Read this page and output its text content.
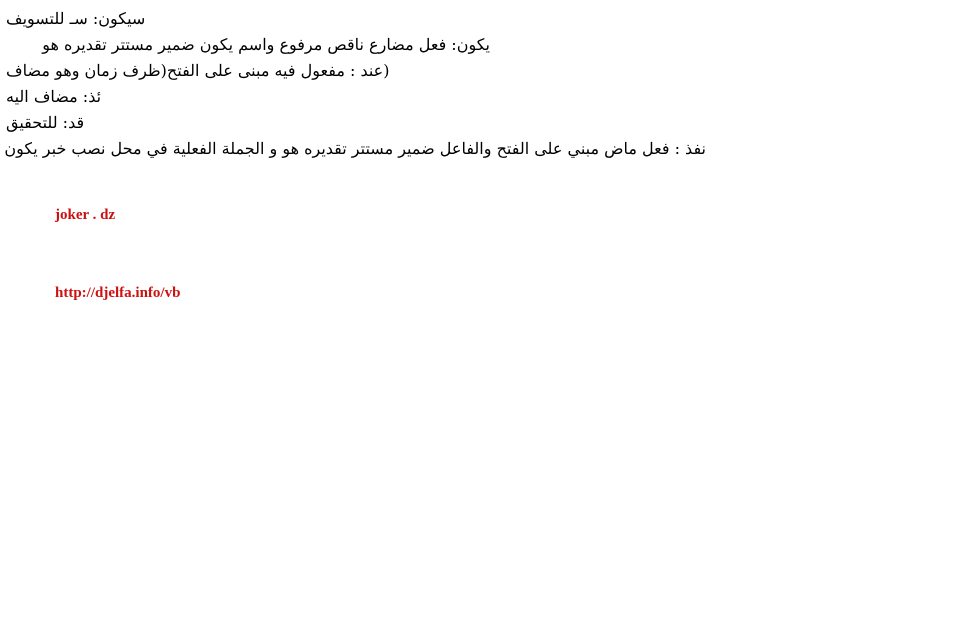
سيكون: سـ للتسويف
يكون: فعل مضارع ناقص مرفوع واسم يكون ضمير مستتر تقديره هو
(عند : مفعول فيه مبنى على الفتح(ظرف زمان وهو مضاف
ئذ: مضاف اليه
قد: للتحقيق
نفذ : فعل ماض مبني على الفتح والفاعل ضمير مستتر تقديره هو و الجملة الفعلية في محل نصب خبر يكون
joker . dz
http://djelfa.info/vb
